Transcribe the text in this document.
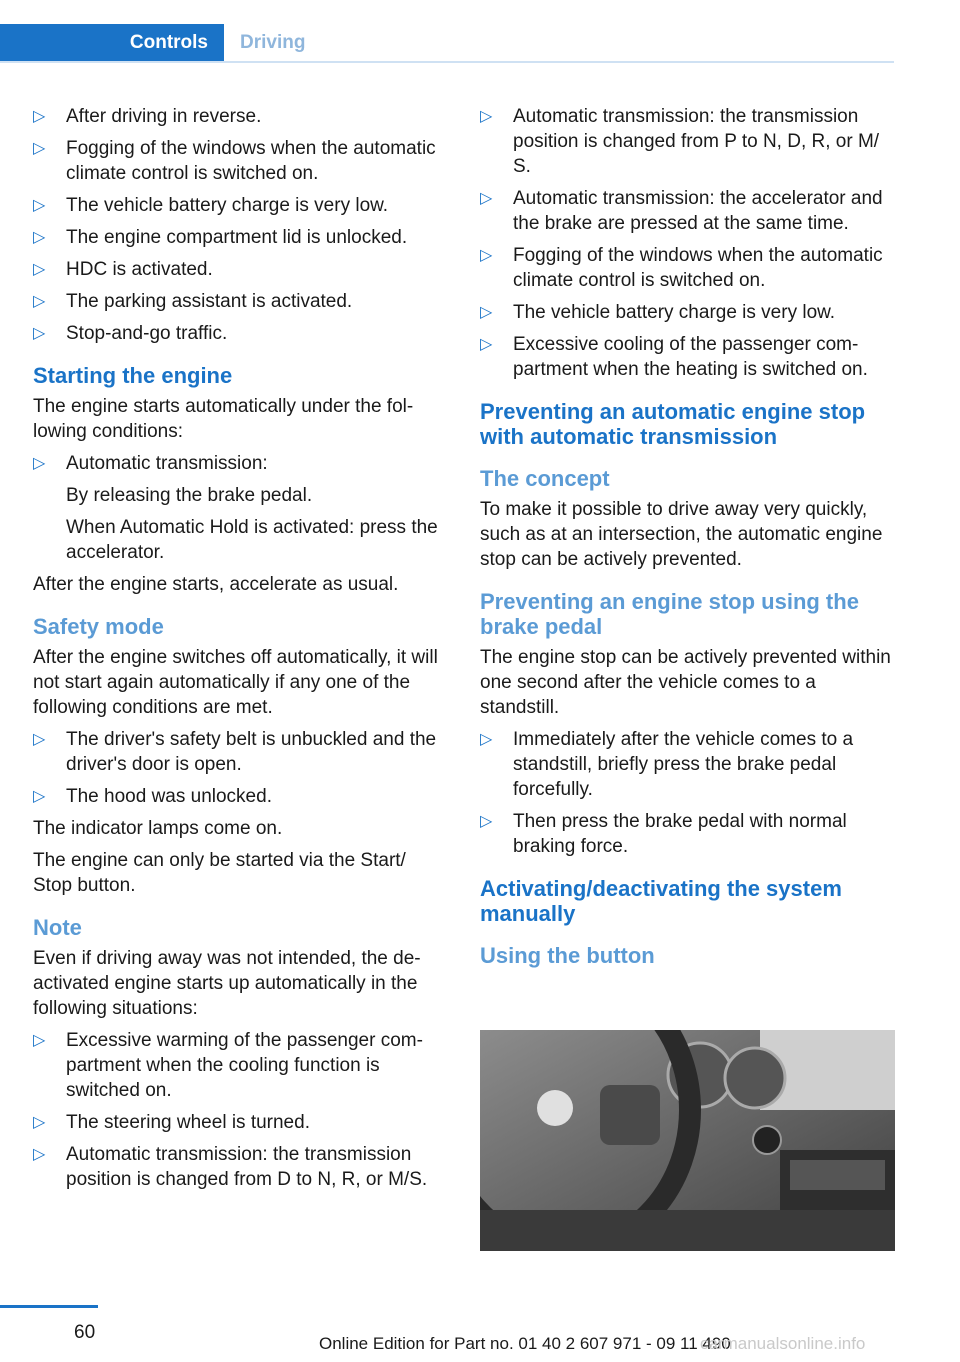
Controls	Driving
▷ After driving in reverse.
▷ Fogging of the windows when the automatic climate control is switched on.
▷ The vehicle battery charge is very low.
▷ The engine compartment lid is unlocked.
▷ HDC is activated.
▷ The parking assistant is activated.
▷ Stop-and-go traffic.
Starting the engine

The engine starts automatically under the fol-lowing conditions:

▷ Automatic transmission:
By releasing the brake pedal.
When Automatic Hold is activated: press the accelerator.

After the engine starts, accelerate as usual.

Safety mode

After the engine switches off automatically, it will not start again automatically if any one of the following conditions are met.

▷ The driver's safety belt is unbuckled and the driver's door is open.
▷ The hood was unlocked.

The indicator lamps come on.

The engine can only be started via the Start/ Stop button.

Note

Even if driving away was not intended, the de-activated engine starts up automatically in the following situations:

▷ Excessive warming of the passenger com-partment when the cooling function is switched on.
▷ The steering wheel is turned.
▷ Automatic transmission: the transmission position is changed from D to N, R, or M/S.
▷ Automatic transmission: the transmission position is changed from P to N, D, R, or M/ S.
▷ Automatic transmission: the accelerator and the brake are pressed at the same time.
▷ Fogging of the windows when the automatic climate control is switched on.
▷ The vehicle battery charge is very low.
▷ Excessive cooling of the passenger com-partment when the heating is switched on.
Preventing an automatic engine stop with automatic transmission
The concept

To make it possible to drive away very quickly, such as at an intersection, the automatic engine stop can be actively prevented.

Preventing an engine stop using the brake pedal

The engine stop can be actively prevented within one second after the vehicle comes to a standstill.

▷ Immediately after the vehicle comes to a standstill, briefly press the brake pedal forcefully.
▷ Then press the brake pedal with normal braking force.
Activating/deactivating the system manually
Using the button
60
Online Edition for Part no. 01 40 2 607 971 - 09 11 490
carmanualsonline.info
